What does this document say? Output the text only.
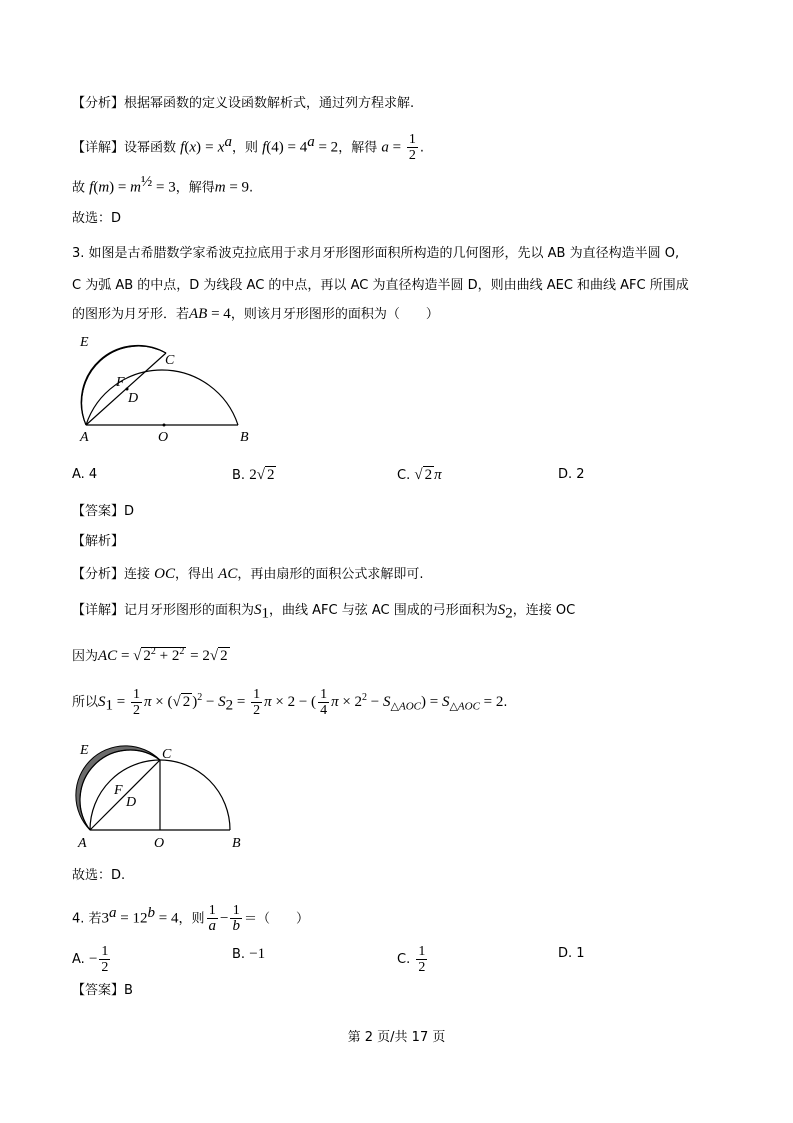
【分析】根据幂函数的定义设函数解析式，通过列方程求解.
【详解】设幂函数 $f(x) = x^a$，则 $f(4) = 4^a = 2$，解得 $a = \frac{1}{2}$ .
故 $f(m) = m^{\frac{1}{2}} = 3$，解得m = 9.
故选：D
3. 如图是古希腊数学家希波克拉底用于求月牙形图形面积所构造的几何图形，先以 AB 为直径构造半圆 O,
C 为弧 AB 的中点，D 为线段 AC 的中点，再以 AC 为直径构造半圆 D，则由曲线 AEC 和曲线 AFC 所围成
的图形为月牙形．若AB = 4，则该月牙形图形的面积为（　　）
E
C
F
D
A	O	B
A. 4	B. 2√ 2	C. √ 2 π	D. 2
【答案】D
【解析】
【分析】连接 OC，得出 AC，再由扇形的面积公式求解即可.
【详解】记月牙形图形的面积为$S_1$，曲线 AFC 与弦 AC 围成的弓形面积为$S_2$，连接 OC
因为AC = √ $2^2 + 2^2 = 2√$ 2
所以$S_1 = \frac{1}{2}$ π × (√ 2 )$^2 - S_2 = \frac{1}{2}$ π × 2 − ( $\frac{1}{4}$ $\pi \times 2^2 - S_{\triangle AOC}) = S_{\triangle AOC} = 2$.
E	C
F
D
A	O	B
故选：D.
4. 若$3^a = 12^b = 4$，则 $\frac{1}{a} - \frac{1}{b}$ ＝（　　）
A. − $\frac{1}{2}$	B. −1	C. $\frac{1}{2}$	D. 1
【答案】B
第 2 页/共 17 页
